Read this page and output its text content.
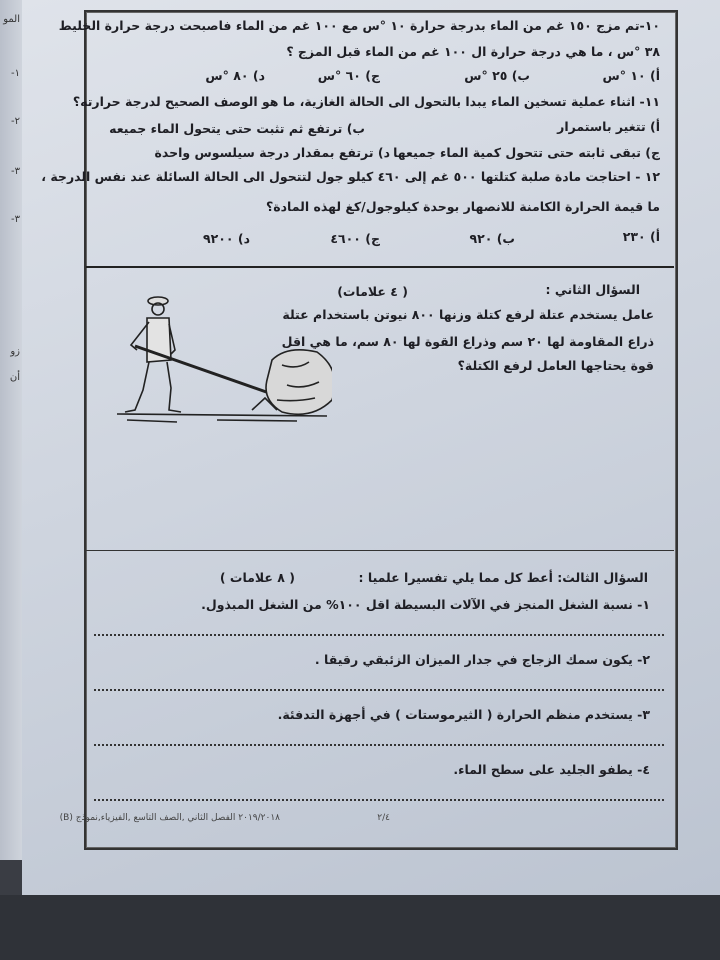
المو
-١
-٢
-٣
-٣
زو
أن
١٠-تم مزج ١٥٠ غم من الماء بدرجة حرارة ١٠ °س مع ١٠٠ غم من الماء فاصبحت درجة حرارة الخليط
٣٨ °س ، ما هي درجة حرارة ال ١٠٠ غم من الماء قبل المزج ؟
أ) ١٠ °س
ب) ٢٥ °س
ج) ٦٠ °س
د) ٨٠ °س
١١- اثناء عملية تسخين الماء يبدا بالتحول الى الحالة الغازية، ما هو الوصف الصحيح لدرجة حرارته؟
أ) تتغير باستمرار
ب) ترتفع ثم تثبت حتى يتحول الماء جميعه
ج) تبقى ثابته حتى تتحول كمية الماء جميعها
د) ترتفع بمقدار درجة سيلسوس واحدة
١٢ - احتاجت مادة صلبة كتلتها ٥٠٠ غم إلى ٤٦٠ كيلو جول لتتحول الى الحالة السائلة عند نفس الدرجة ،
ما قيمة الحرارة الكامنة للانصهار بوحدة كيلوجول/كغ لهذه المادة؟
أ) ٢٣٠
ب) ٩٢٠
ج) ٤٦٠٠
د) ٩٢٠٠
السؤال الثاني :
( ٤ علامات)
عامل يستخدم عتلة لرفع كتلة وزنها ٨٠٠ نيوتن باستخدام عتلة
ذراع المقاومة لها ٢٠ سم وذراع القوة لها ٨٠ سم، ما هي اقل
قوة يحتاجها العامل لرفع الكتلة؟
السؤال الثالث: أعط كل مما يلي تفسيرا علميا :
( ٨ علامات )
١- نسبة الشغل المنجز في الآلات البسيطة اقل ١٠٠% من الشغل المبذول.
٢- يكون سمك الزجاج في جدار الميزان الزئبقي رقيقا .
٣- يستخدم منظم الحرارة ( الثيرموستات ) في أجهزة التدفئة.
٤- يطفو الجليد على سطح الماء.
٢٠١٩/٢٠١٨ الفصل الثاني ,الصف التاسع ,الفيزياء,نموذج (B)	٢/٤
